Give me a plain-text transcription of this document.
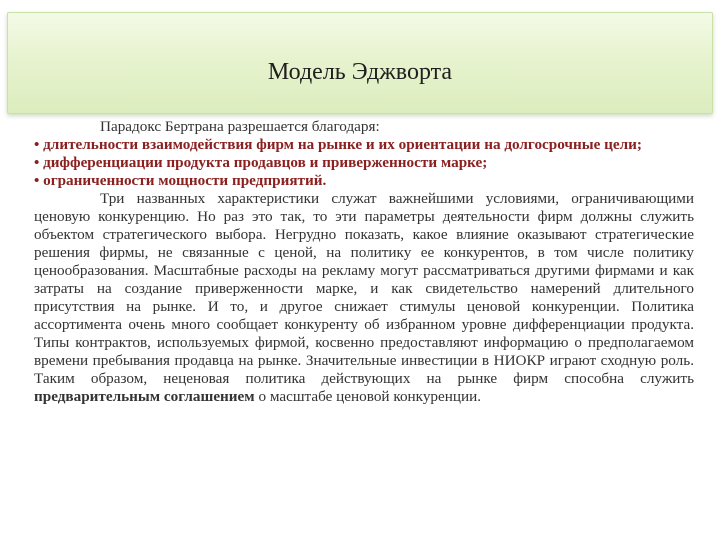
Модель Эджворта

Парадокс Бертрана разрешается благодаря:

• длительности взаимодействия фирм на рынке и их ориентации на долгосрочные цели;

• дифференциации продукта продавцов и приверженности марке;

• ограниченности мощности предприятий.

Три названных характеристики служат важнейшими условиями, ограничивающими ценовую конкуренцию. Но раз это так, то эти параметры деятельности фирм должны служить объектом стратегического выбора. Негрудно показать, какое влияние оказывают стратегические решения фирмы, не связанные с ценой, на политику ее конкурентов, в том числе политику ценообразования. Масштабные расходы на рекламу могут рассматриваться другими фирмами и как затраты на создание приверженности марке, и как свидетельство намерений длительного присутствия на рынке. И то, и другое снижает стимулы ценовой конкуренции. Политика ассортимента очень много сообщает конкуренту об избранном уровне дифференциации продукта. Типы контрактов, используемых фирмой, косвенно предоставляют информацию о предполагаемом времени пребывания продавца на рынке. Значительные инвестиции в НИОКР играют сходную роль. Таким образом, неценовая политика действующих на рынке фирм способна служить предварительным соглашением о масштабе ценовой конкуренции.
